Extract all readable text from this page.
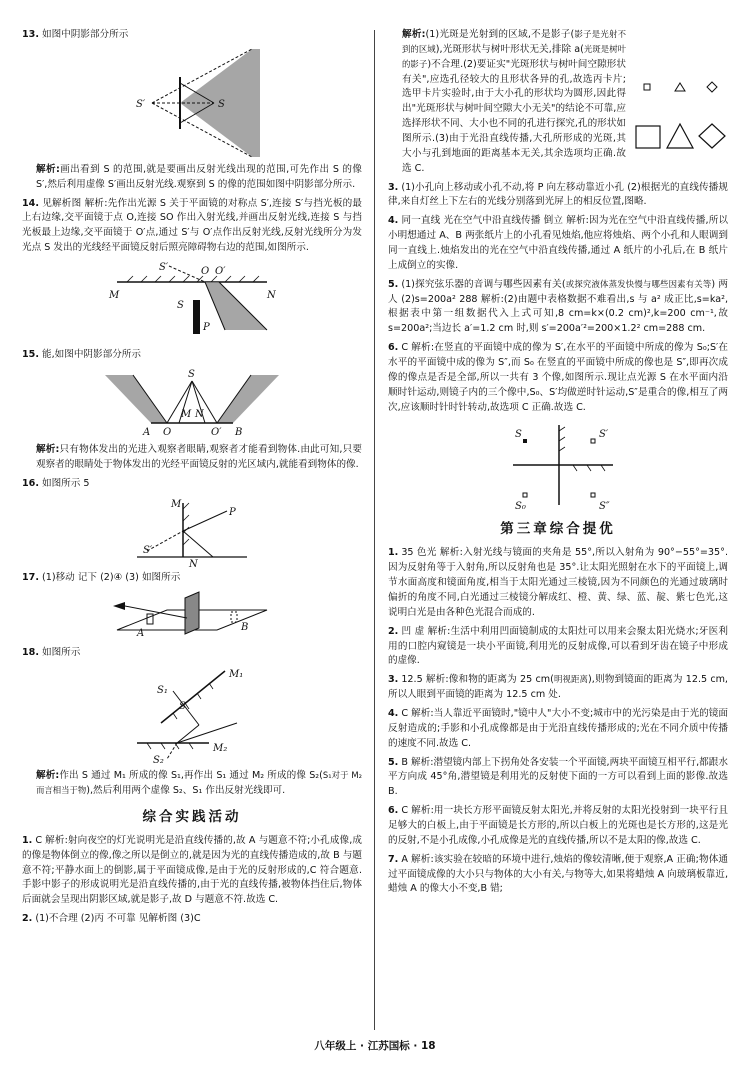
13. 如图中阴影部分所示
S′	S
解析:画出看到 S 的范围,就是要画出反射光线出现的范围,可先作出 S 的像 S′,然后利用虚像 S′画出反射光线.观察到 S 的像的范围如图中阴影部分所示.
14. 见解析图 解析:先作出光源 S 关于平面镜的对称点 S′,连接 S′与挡光板的最上右边缘,交平面镜于点 O,连接 SO 作出入射光线,并画出反射光线,连接 S 与挡光板最上边缘,交平面镜于 O′点,通过 S′与 O′点作出反射光线,反射光线所分为发光点 S 发出的光线经平面镜反射后照亮障碍物右边的范围,如图所示.
S′	O O′
M	N
S
P
15. 能,如图中阴影部分所示
S
A O
M N
O′ B
解析:只有物体发出的光进入观察者眼睛,观察者才能看到物体.由此可知,只要观察者的眼睛处于物体发出的光经平面镜反射的光区域内,就能看到物体的像.
16. 如图所示 5
M
P
S′
N
17. (1)移动 记下 (2)④ (3) 如图所示
A
B
18. 如图所示
S₁
S
M₁
M₂
S₂
解析:作出 S 通过 M₁ 所成的像 S₁,再作出 S₁ 通过 M₂ 所成的像 S₂(S₁对于 M₂ 而言相当于物),然后利用两个虚像 S₂、S₁ 作出反射光线即可.
综合实践活动
1. C 解析:射向夜空的灯光说明光是沿直线传播的,故 A 与题意不符;小孔成像,成的像是物体倒立的像,像之所以是倒立的,就是因为光的直线传播造成的,故 B 与题意不符;平静水面上的倒影,属于平面镜成像,是由于光的反射形成的,C 符合题意.手影中影子的形成说明光是沿直线传播的,由于光的直线传播,被物体挡住后,物体后面就会呈现出阴影区域,就是影子,故 D 与题意不符.故选 C.
2. (1)不合理 (2)丙 不可靠 见解析图 (3)C
解析:(1)光斑是光射到的区域,不是影子(影子是光射不到的区域),光斑形状与树叶形状无关,排除 a(光斑是树叶的影子)不合理.(2)要证实"光斑形状与树叶间空隙形状有关",应选孔径较大的且形状各异的孔,故选丙卡片;选甲卡片实验时,由于大小孔的形状均为圆形,因此得出"光斑形状与树叶间空隙大小无关"的结论不可靠,应选择形状不同、大小也不同的孔进行探究,孔的形状如图所示.(3)由于光沿直线传播,大孔所形成的光斑,其大小与孔到地面的距离基本无关,其余选项均正确.故选 C.
3. (1)小孔向上移动或小孔不动,将 P 向左移动靠近小孔 (2)根据光的直线传播规律,来自灯丝上下左右的光线分别落到光屏上的相反位置,图略.
4. 同一直线 光在空气中沿直线传播 倒立 解析:因为光在空气中沿直线传播,所以小明想通过 A、B 两张纸片上的小孔看见烛焰,他应将烛焰、两个小孔和人眼调到同一直线上.烛焰发出的光在空气中沿直线传播,通过 A 纸片的小孔后,在 B 纸片上成倒立的实像.
5. (1)探究弦乐器的音调与哪些因素有关(或探究液体蒸发快慢与哪些因素有关等) 两人 (2)s=200a² 288 解析:(2)由题中表格数据不难看出,s 与 a² 成正比,s=ka²,根据表中第一组数据代入上式可知,8 cm=k×(0.2 cm)²,k=200 cm⁻¹,故 s=200a²;当边长 a′=1.2 cm 时,则 s′=200a′²=200×1.2² cm=288 cm.
6. C 解析:在竖直的平面镜中成的像为 S′,在水平的平面镜中所成的像为 S₀;S′在水平的平面镜中成的像为 S″,而 S₀ 在竖直的平面镜中所成的像也是 S″,即再次成像的像点是否是全部,所以一共有 3 个像,如图所示.现让点光源 S 在水平面内沿顺时针运动,则镜子内的三个像中,S₀、S′均做逆时针运动,S″是重合的像,相互了两次,应该顺时针时针转动,故选项 C 正确.故选 C.
S	S′
S₀	S″
第三章综合提优
1. 35 色光 解析:入射光线与镜面的夹角是 55°,所以入射角为 90°−55°=35°.因为反射角等于入射角,所以反射角也是 35°.让太阳光照射在水下的平面镜上,调节水面高度和镜面角度,相当于太阳光通过三棱镜,因为不同颜色的光通过玻璃时偏折的角度不同,白光通过三棱镜分解成红、橙、黄、绿、蓝、靛、紫七色光,这说明白光是由各种色光混合而成的.
2. 凹 虚 解析:生活中利用凹面镜制成的太阳灶可以用来会聚太阳光烧水;牙医利用的口腔内窥镜是一块小平面镜,利用光的反射成像,可以看到牙齿在镜子中形成的虚像.
3. 12.5 解析:像和物的距离为 25 cm(明视距离),则物到镜面的距离为 12.5 cm,所以人眼到平面镜的距离为 12.5 cm 处.
4. C 解析:当人靠近平面镜时,"镜中人"大小不变;城市中的光污染是由于光的镜面反射造成的;手影和小孔成像都是由于光沿直线传播形成的;光在不同介质中传播的速度不同.故选 C.
5. B 解析:潜望镜内部上下拐角处各安装一个平面镜,两块平面镜互相平行,都跟水平方向成 45°角,潜望镜是利用光的反射使下面的一方可以看到上面的影像.故选 B.
6. C 解析:用一块长方形平面镜反射太阳光,并将反射的太阳光投射到一块平行且足够大的白板上,由于平面镜是长方形的,所以白板上的光斑也是长方形的,这是光的反射,不是小孔成像,小孔成像是光的直线传播,所以不是太阳的像,故选 C.
7. A 解析:该实验在较暗的环境中进行,烛焰的像较清晰,便于观察,A 正确;物体通过平面镜成像的大小只与物体的大小有关,与物等大,如果将蜡烛 A 向玻璃板靠近,蜡烛 A 的像大小不变,B 错;
八年级上 · 江苏国标 · 18
